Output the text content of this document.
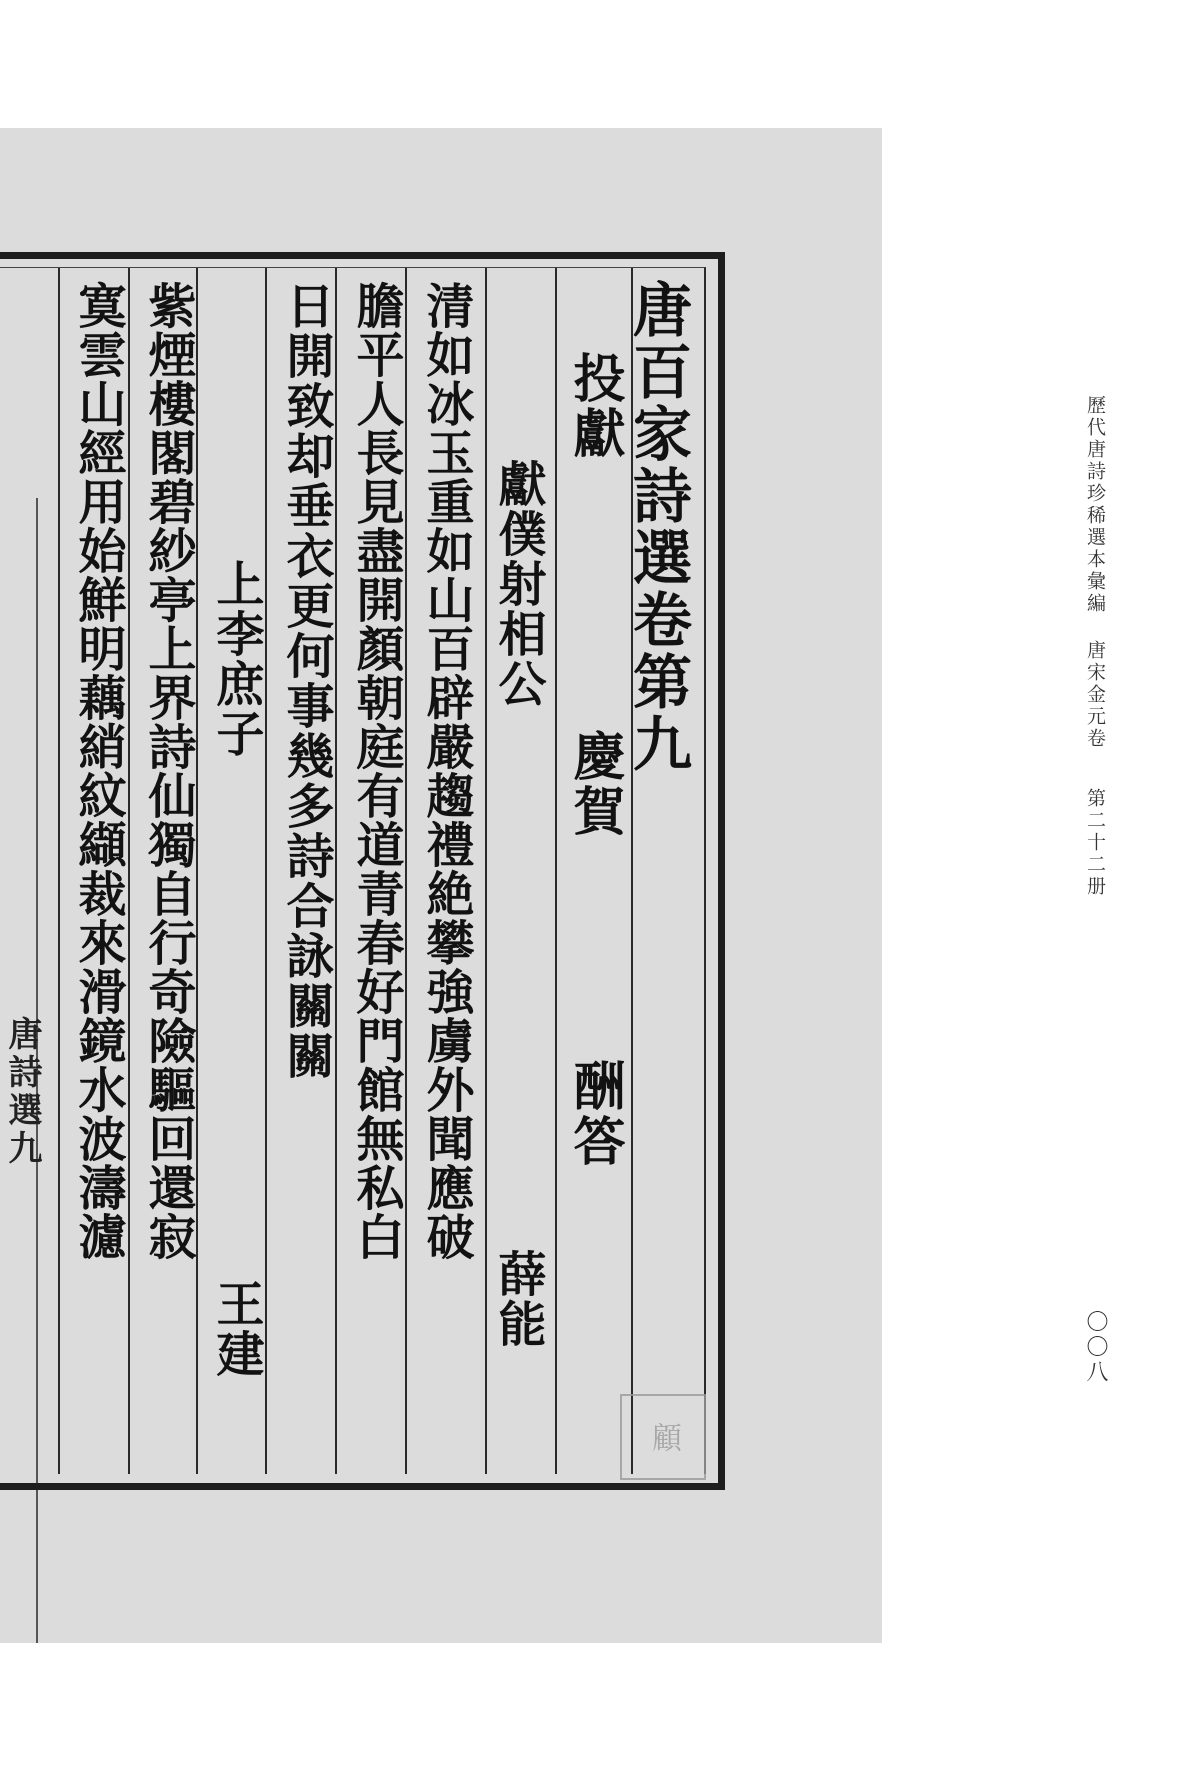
唐詩選九
唐百家詩選卷第九
投獻
慶賀
酬答
獻僕射相公
薛能
清如冰玉重如山百辟嚴趨禮絶攀強虜外聞應破
膽平人長見盡開顏朝庭有道青春好門館無私白
日開致却垂衣更何事幾多詩合詠關關
上李庶子
王建
紫煙樓閣碧紗亭上界詩仙獨自行奇險驅回還寂
寞雲山經用始鮮明藕綃紋纈裁來滑鏡水波濤濾
顧
歷代唐詩珍稀選本彙編
唐宋金元卷
第二十二册
〇〇八
